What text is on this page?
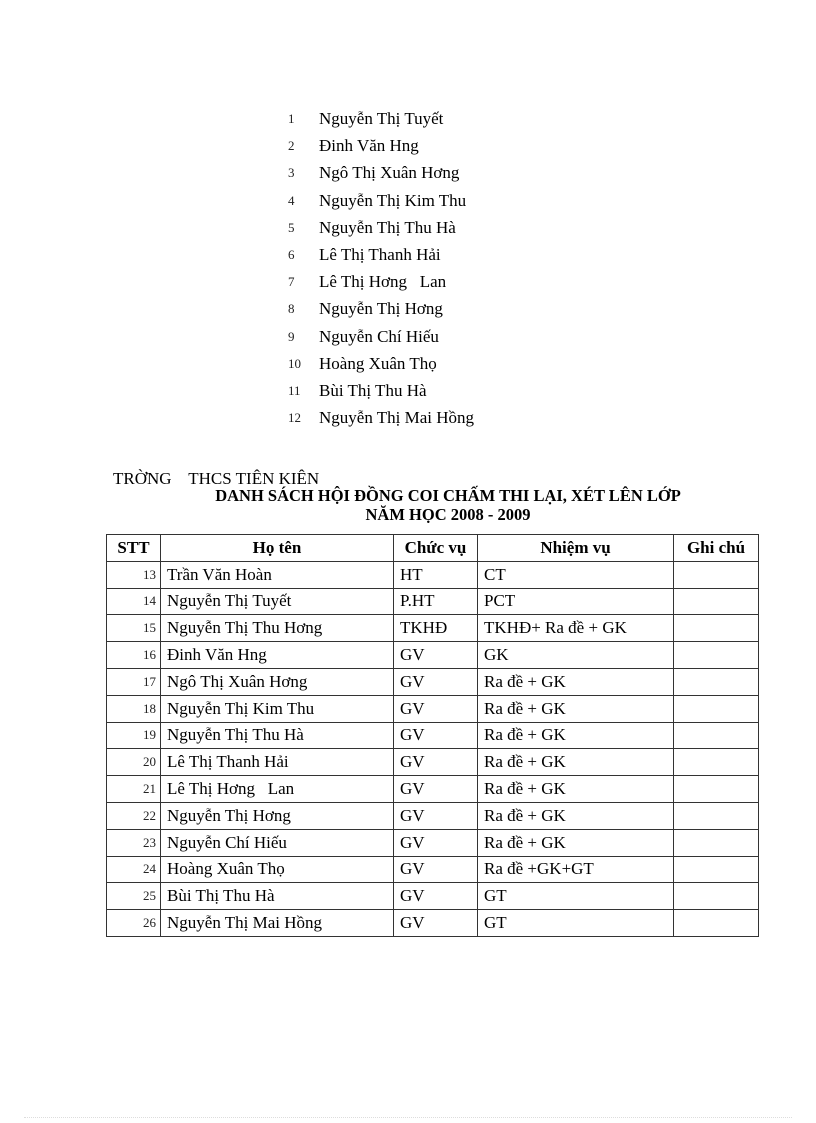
1	Nguyễn Thị Tuyết
2	Đinh Văn Hng
3	Ngô Thị Xuân Hơng
4	Nguyễn Thị Kim Thu
5	Nguyễn Thị Thu Hà
6	Lê Thị Thanh Hải
7	Lê Thị Hơng   Lan
8	Nguyễn Thị Hơng
9	Nguyễn Chí Hiếu
10	Hoàng Xuân Thọ
11	Bùi Thị Thu Hà
12	Nguyễn Thị Mai Hồng
TRỜNG    THCS TIÊN KIÊN
DANH SÁCH HỘI ĐỒNG COI CHẤM THI LẠI, XÉT LÊN LỚP
NĂM HỌC 2008 - 2009
STT	Họ tên	Chức vụ	Nhiệm vụ	Ghi chú
13	Trần Văn Hoàn	HT	CT	
14	Nguyễn Thị Tuyết	P.HT	PCT	
15	Nguyễn Thị Thu Hơng	TKHĐ	TKHĐ+ Ra đề + GK	
16	Đinh Văn Hng	GV	GK	
17	Ngô Thị Xuân Hơng	GV	Ra đề + GK	
18	Nguyễn Thị Kim Thu	GV	Ra đề + GK	
19	Nguyễn Thị Thu Hà	GV	Ra đề + GK	
20	Lê Thị Thanh Hải	GV	Ra đề + GK	
21	Lê Thị Hơng   Lan	GV	Ra đề + GK	
22	Nguyễn Thị Hơng	GV	Ra đề + GK	
23	Nguyễn Chí Hiếu	GV	Ra đề + GK	
24	Hoàng Xuân Thọ	GV	Ra đề +GK+GT	
25	Bùi Thị Thu Hà	GV	GT	
26	Nguyễn Thị Mai Hồng	GV	GT	
